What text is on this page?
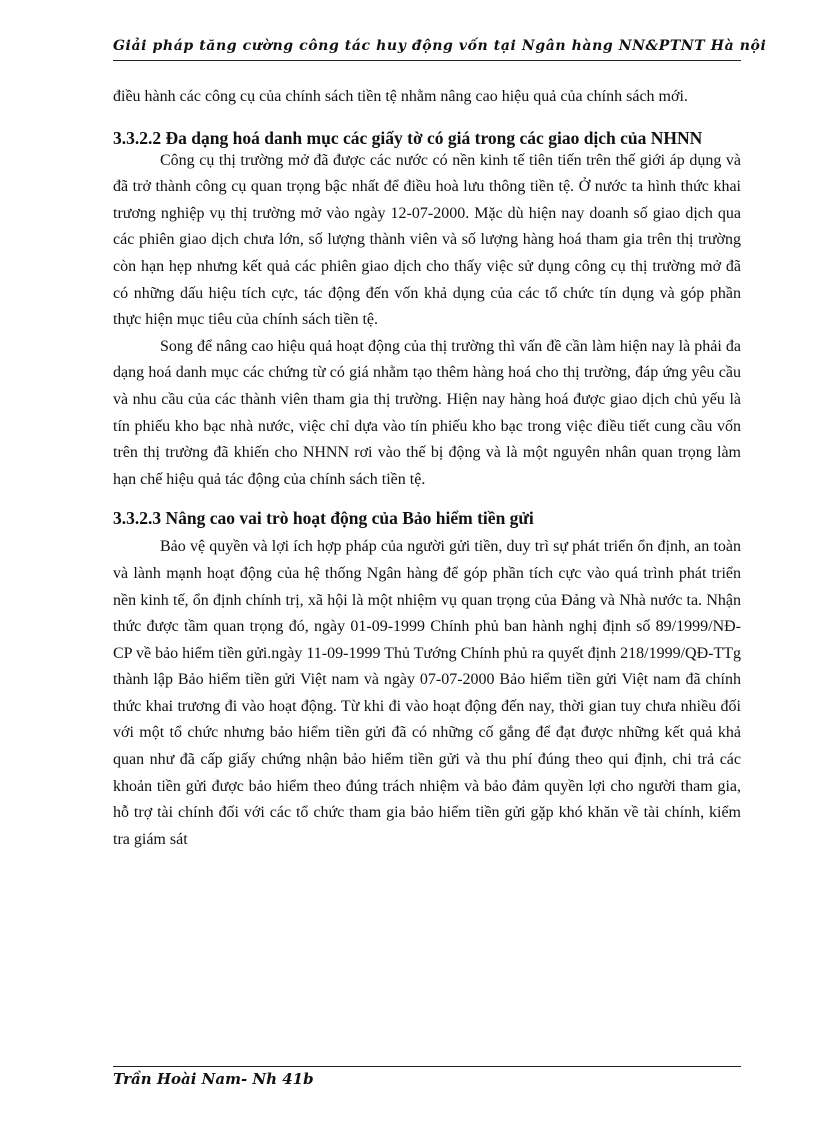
Giải pháp tăng cường công tác huy động vốn tại Ngân hàng NN&PTNT Hà nội

điều hành các công cụ của chính sách tiền tệ nhằm nâng cao hiệu quả của chính sách mới.

3.3.2.2 Đa dạng hoá danh mục các giấy tờ có giá trong các giao dịch của NHNN

Công cụ thị trường mở đã được các nước có nền kinh tế tiên tiến trên thế giới áp dụng và đã trở thành công cụ quan trọng bậc nhất để điều hoà lưu thông tiền tệ. Ở nước ta hình thức khai trương nghiệp vụ thị trường mở vào ngày 12-07-2000. Mặc dù hiện nay doanh số giao dịch qua các phiên giao dịch chưa lớn, số lượng thành viên và số lượng hàng hoá tham gia trên thị trường còn hạn hẹp nhưng kết quả các phiên giao dịch cho thấy việc sử dụng công cụ thị trường mở đã có những dấu hiệu tích cực, tác động đến vốn khả dụng của các tổ chức tín dụng và góp phần thực hiện mục tiêu của chính sách tiền tệ.

Song để nâng cao hiệu quả hoạt động của thị trường thì vấn đề cần làm hiện nay là phải đa dạng hoá danh mục các chứng từ có giá nhằm tạo thêm hàng hoá cho thị trường, đáp ứng yêu cầu và nhu cầu của các thành viên tham gia thị trường. Hiện nay hàng hoá được giao dịch chủ yếu là tín phiếu kho bạc nhà nước, việc chỉ dựa vào tín phiếu kho bạc trong việc điều tiết cung cầu vốn trên thị trường đã khiến cho NHNN rơi vào thế bị động và là một nguyên nhân quan trọng làm hạn chế hiệu quả tác động của chính sách tiền tệ.

3.3.2.3 Nâng cao vai trò hoạt động của Bảo hiểm tiền gửi

Bảo vệ quyền và lợi ích hợp pháp của người gửi tiền, duy trì sự phát triển ổn định, an toàn và lành mạnh hoạt động của hệ thống Ngân hàng để góp phần tích cực vào quá trình phát triển nền kinh tế, ổn định chính trị, xã hội là một nhiệm vụ quan trọng của Đảng và Nhà nước ta. Nhận thức được tầm quan trọng đó, ngày 01-09-1999 Chính phủ ban hành nghị định số 89/1999/NĐ-CP về bảo hiểm tiền gửi.ngày 11-09-1999 Thủ Tướng Chính phủ ra quyết định 218/1999/QĐ-TTg thành lập Bảo hiểm tiền gửi Việt nam và ngày 07-07-2000 Bảo hiểm tiền gửi Việt nam đã chính thức khai trương đi vào hoạt động. Từ khi đi vào hoạt động đến nay, thời gian tuy chưa nhiều đối với một tổ chức nhưng bảo hiểm tiền gửi đã có những cố gắng để đạt được những kết quả khả quan như đã cấp giấy chứng nhận bảo hiểm tiền gửi và thu phí đúng theo qui định, chi trả các khoản tiền gửi được bảo hiểm theo đúng trách nhiệm và bảo đảm quyền lợi cho người tham gia, hỗ trợ tài chính đối với các tổ chức tham gia bảo hiểm tiền gửi gặp khó khăn về tài chính, kiểm tra giám sát

Trần Hoài Nam- Nh 41b
